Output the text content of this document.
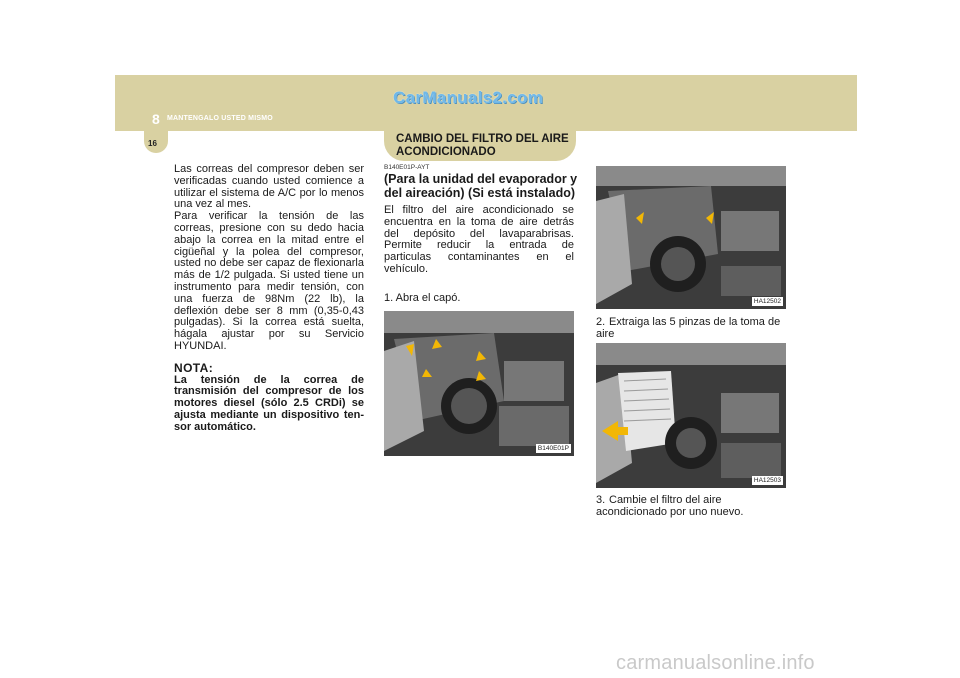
8 MANTENGALO USTED MISMO
CarManuals2.com
16	CAMBIO DEL FILTRO DEL AIRE ACONDICIONADO

Las correas del compresor deben ser verificadas cuando usted comience a utilizar el sistema de A/C por lo menos una vez al mes.

Para verificar la tensión de las correas, presione con su dedo hacia abajo la correa en la mitad entre el cigüeñal y la polea del compresor, usted no debe ser capaz de flexionarla más de 1/2 pulgada. Si usted tiene un instrumento para medir tensión, con una fuerza de 98Nm (22 lb), la deflexión debe ser 8 mm (0,35-0,43 pulgadas). Si la correa está suelta, hágala ajustar por su Servicio HYUNDAI.

NOTA:
La tensión de la correa de transmisión del compresor de los motores diesel (sólo 2.5 CRDi) se ajusta mediante un dispositivo ten-sor automático.
B140E01P-AYT
(Para la unidad del evaporador y del aireación) (Si está instalado)

El filtro del aire acondicionado se encuentra en la toma de aire detrás del depósito del lavaparabrisas. Permite reducir la entrada de particulas contaminantes en el vehículo.

1. Abra el capó.
B140E01P
HA12502
2. Extraiga las 5 pinzas de la toma de aire
HA12503
3. Cambie el filtro del aire acondicionado por uno nuevo.
carmanualsonline.info
